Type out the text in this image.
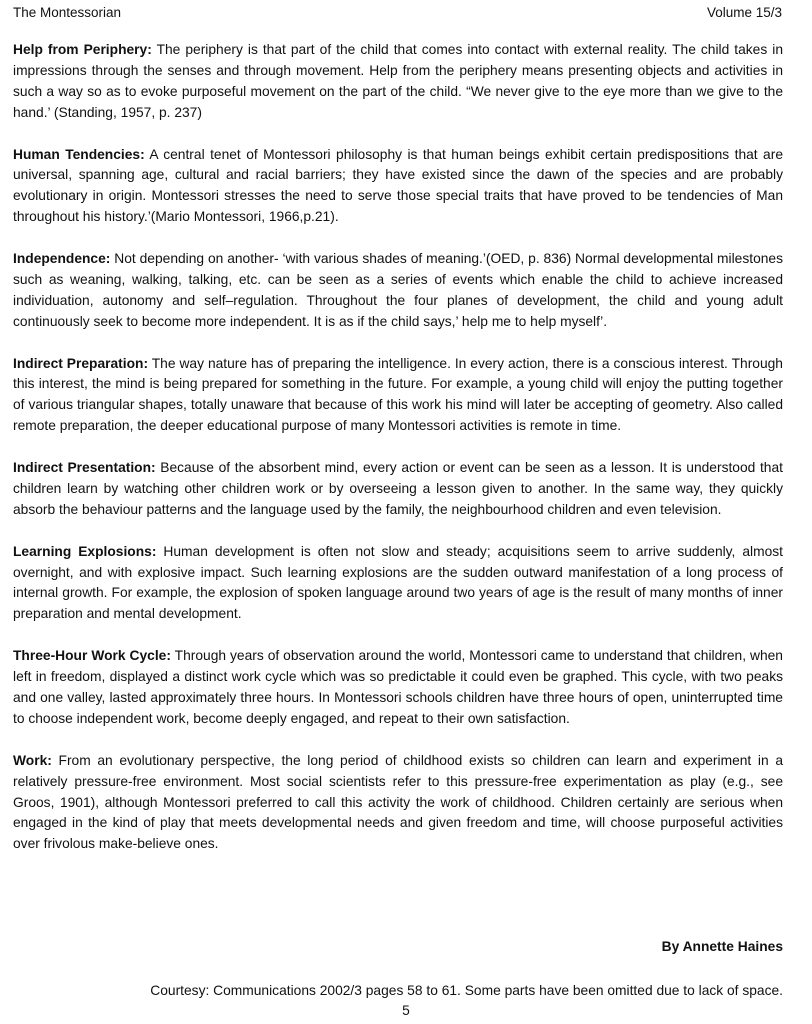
The Montessorian	Volume 15/3

Help from Periphery: The periphery is that part of the child that comes into contact with external reality. The child takes in impressions through the senses and through movement. Help from the periphery means presenting objects and activities in such a way so as to evoke purposeful movement on the part of the child. “We never give to the eye more than we give to the hand.’ (Standing, 1957, p. 237)

Human Tendencies: A central tenet of Montessori philosophy is that human beings exhibit certain predispositions that are universal, spanning age, cultural and racial barriers; they have existed since the dawn of the species and are probably evolutionary in origin. Montessori stresses the need to serve those special traits that have proved to be tendencies of Man throughout his history.’(Mario Montessori, 1966,p.21).

Independence: Not depending on another- ‘with various shades of meaning.’(OED, p. 836) Normal developmental milestones such as weaning, walking, talking, etc. can be seen as a series of events which enable the child to achieve increased individuation, autonomy and self–regulation. Throughout the four planes of development, the child and young adult continuously seek to become more independent. It is as if the child says,’ help me to help myself’.

Indirect Preparation: The way nature has of preparing the intelligence. In every action, there is a conscious interest. Through this interest, the mind is being prepared for something in the future. For example, a young child will enjoy the putting together of various triangular shapes, totally unaware that because of this work his mind will later be accepting of geometry. Also called remote preparation, the deeper educational purpose of many Montessori activities is remote in time.

Indirect Presentation: Because of the absorbent mind, every action or event can be seen as a lesson. It is understood that children learn by watching other children work or by overseeing a lesson given to another. In the same way, they quickly absorb the behaviour patterns and the language used by the family, the neighbourhood children and even television.

Learning Explosions: Human development is often not slow and steady; acquisitions seem to arrive suddenly, almost overnight, and with explosive impact. Such learning explosions are the sudden outward manifestation of a long process of internal growth. For example, the explosion of spoken language around two years of age is the result of many months of inner preparation and mental development.

Three-Hour Work Cycle: Through years of observation around the world, Montessori came to understand that children, when left in freedom, displayed a distinct work cycle which was so predictable it could even be graphed. This cycle, with two peaks and one valley, lasted approximately three hours. In Montessori schools children have three hours of open, uninterrupted time to choose independent work, become deeply engaged, and repeat to their own satisfaction.

Work: From an evolutionary perspective, the long period of childhood exists so children can learn and experiment in a relatively pressure-free environment. Most social scientists refer to this pressure-free experimentation as play (e.g., see Groos, 1901), although Montessori preferred to call this activity the work of childhood. Children certainly are serious when engaged in the kind of play that meets developmental needs and given freedom and time, will choose purposeful activities over frivolous make-believe ones.

By Annette Haines
Courtesy: Communications 2002/3 pages 58 to 61. Some parts have been omitted due to lack of space.
5
